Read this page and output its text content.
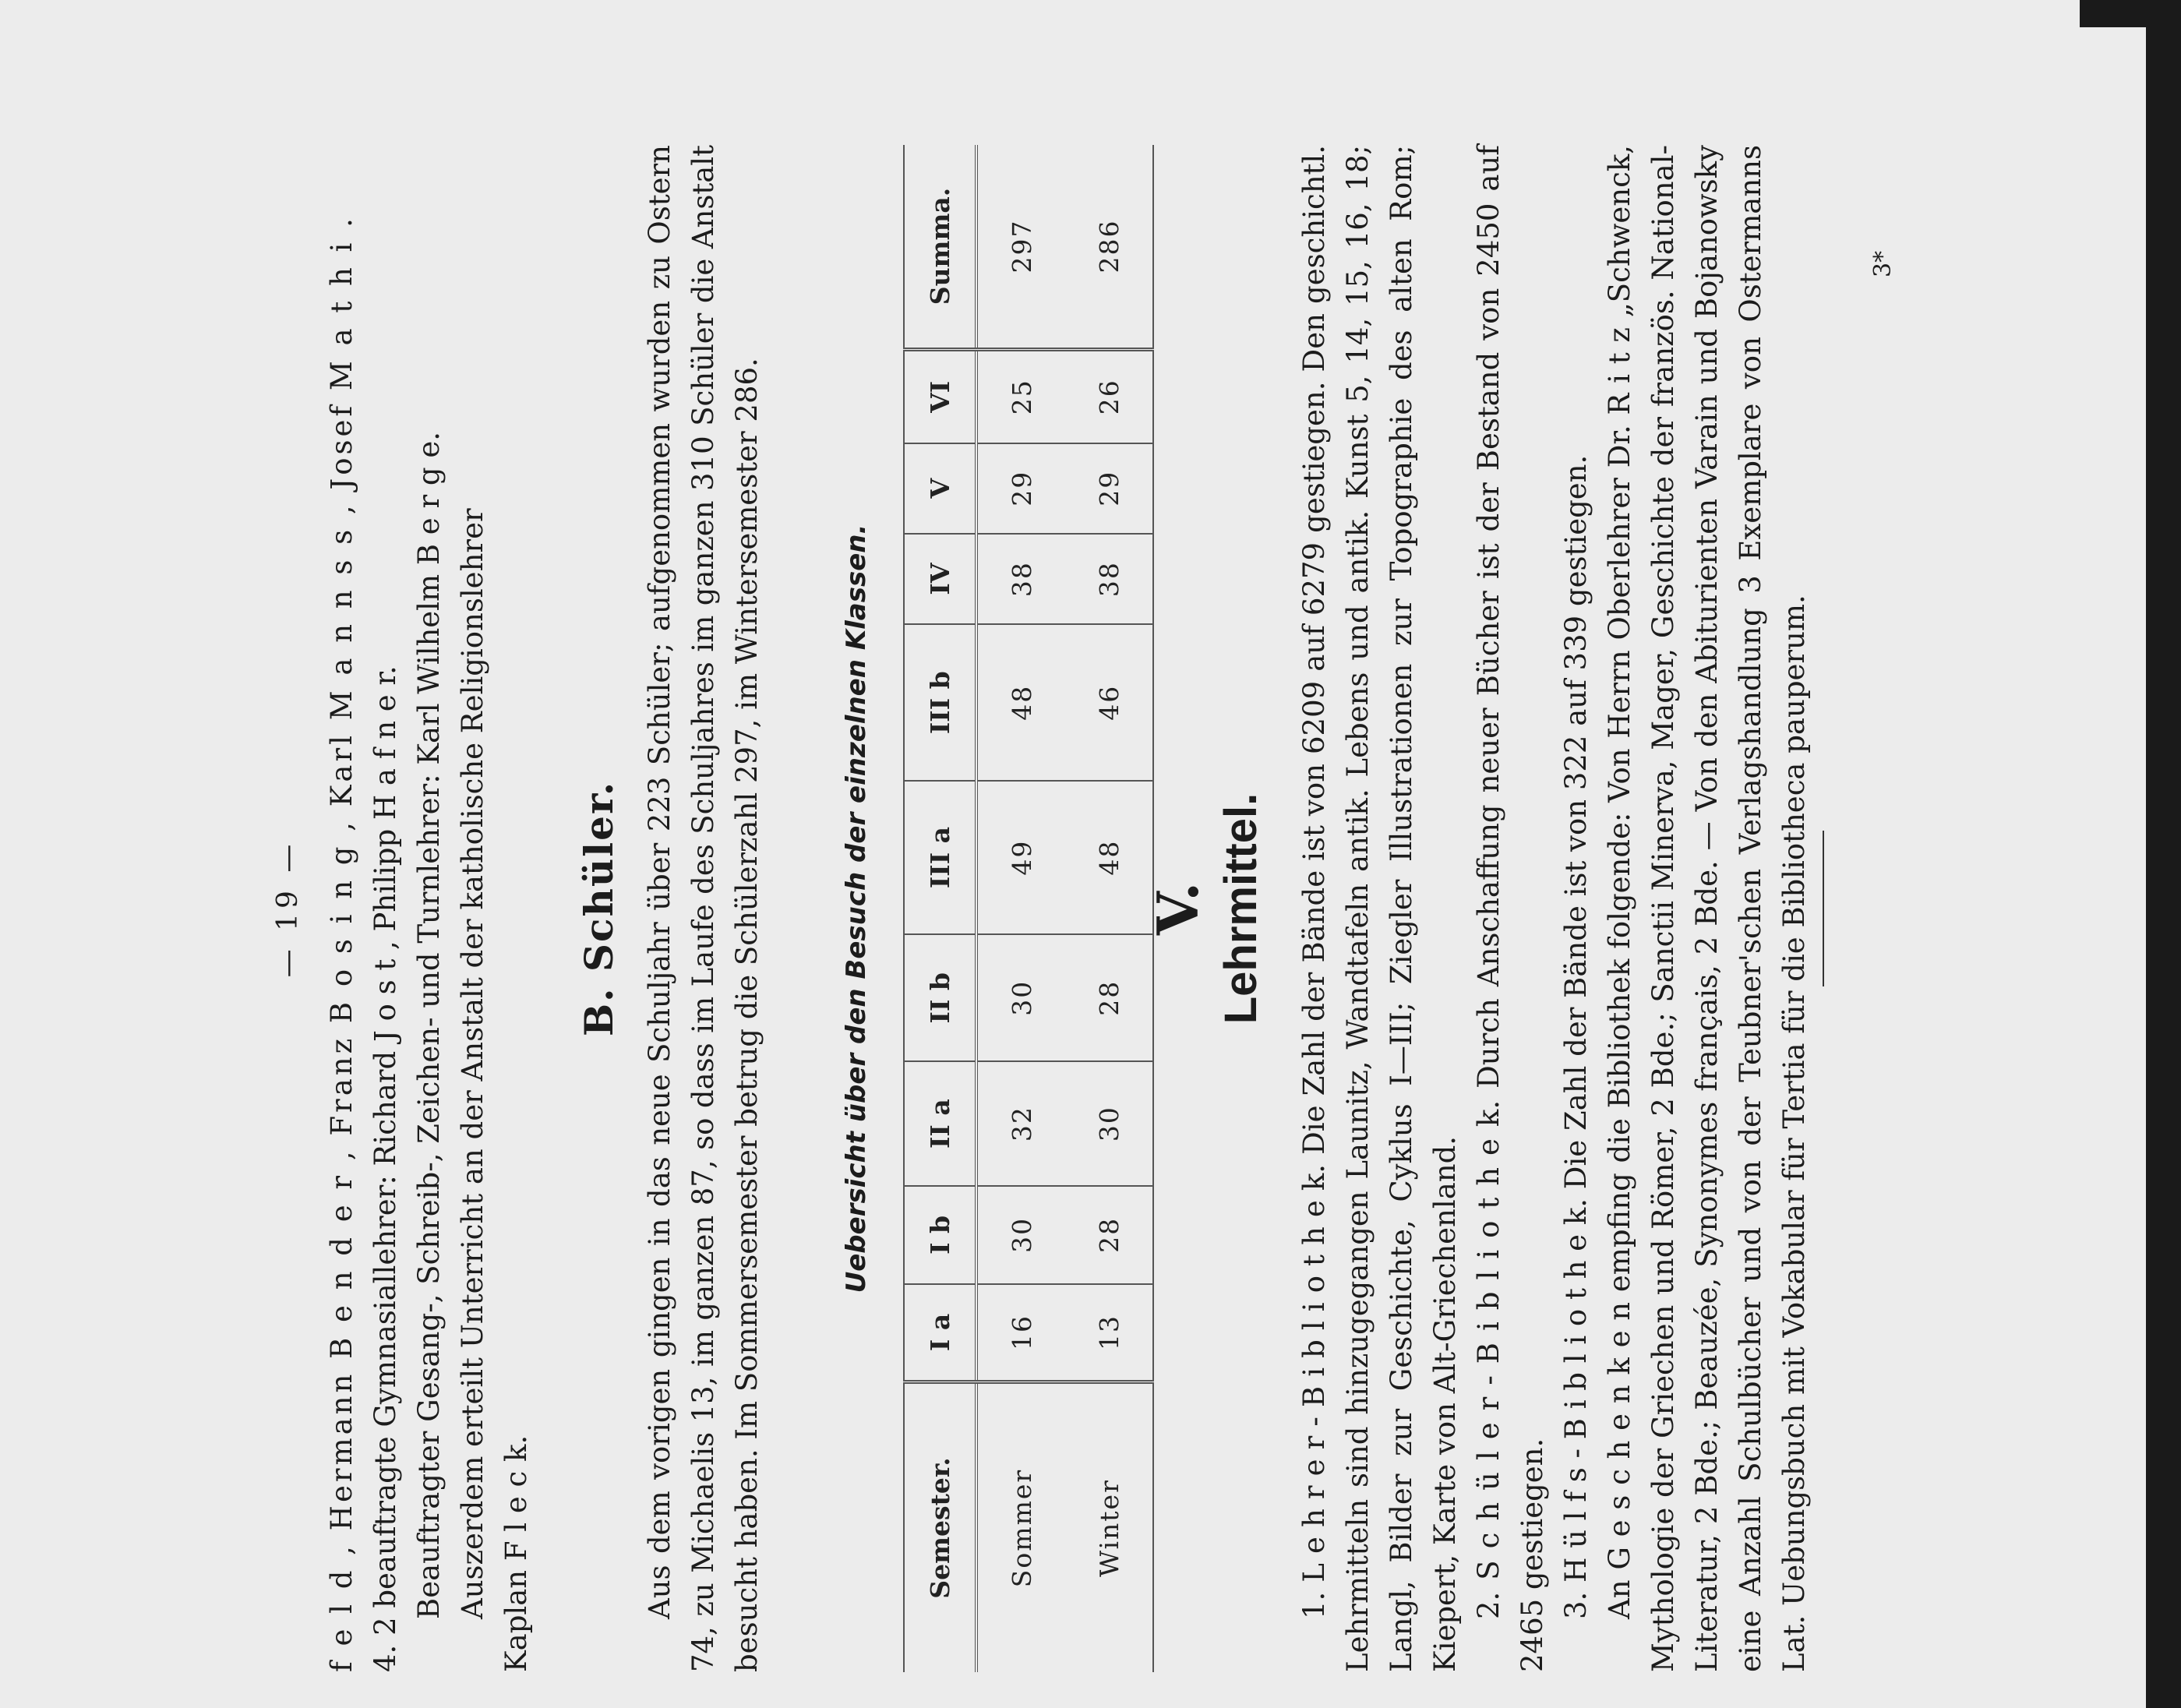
— 19 — f e l d , Hermann B e n d e r , Franz B o s i n g , Karl M a n n s s , Josef M a t h i . 4. 2 beauftragte Gymnasiallehrer: Richard J o s t , Philipp H a f n e r. Beauftragter Gesang-, Schreib-, Zeichen- und Turnlehrer: Karl Wilhelm B e r g e. Auszerdem erteilt Unterricht an der Anstalt der katholische Religionslehrer Kaplan F l e c k.

B. Schüler. Aus dem vorigen gingen in das neue Schuljahr über 223 Schüler; aufgenommen wurden zu Ostern 74, zu Michaelis 13, im ganzen 87, so dass im Laufe des Schuljahres im ganzen 310 Schüler die Anstalt besucht haben. Im Sommersemester betrug die Schülerzahl 297, im Wintersemester 286.	Uebersicht über den Besuch der einzelnen Klassen.
Semester.	I a	I b	II a	II b	III a	III b	IV	V	VI	Summa.
Sommer	16	30	32	30	49	48	38	29	25	297
Winter	13	28	30	28	48	46	38	29	26	286
V. Lehrmittel.

1. L e h r e r - B i b l i o t h e k. Die Zahl der Bände ist von 6209 auf 6279 gestiegen. Den geschichtl. Lehrmitteln sind hinzugegangen Launitz, Wandtafeln antik. Lebens und antik. Kunst 5, 14, 15, 16, 18; Langl, Bilder zur Geschichte, Cyklus I—III; Ziegler Illustrationen zur Topographie des alten Rom; Kiepert, Karte von Alt-Griechenland. 2. S c h ü l e r - B i b l i o t h e k. Durch Anschaffung neuer Bücher ist der Bestand von 2450 auf 2465 gestiegen. 3. H ü l f s - B i b l i o t h e k. Die Zahl der Bände ist von 322 auf 339 gestiegen.

An G e s c h e n k e n empfing die Bibliothek folgende: Von Herrn Oberlehrer Dr. R i t z „Schwenck, Mythologie der Griechen und Römer, 2 Bde.; Sanctii Minerva, Mager, Geschichte der französ. National-Literatur, 2 Bde.; Beauzée, Synonymes français, 2 Bde. — Von den Abiturienten Varain und Bojanowsky eine Anzahl Schulbücher und von der Teubner'schen Verlagshandlung 3 Exemplare von Ostermanns Lat. Uebungsbuch mit Vokabular für Tertia für die Bibliotheca pauperum.

3*
